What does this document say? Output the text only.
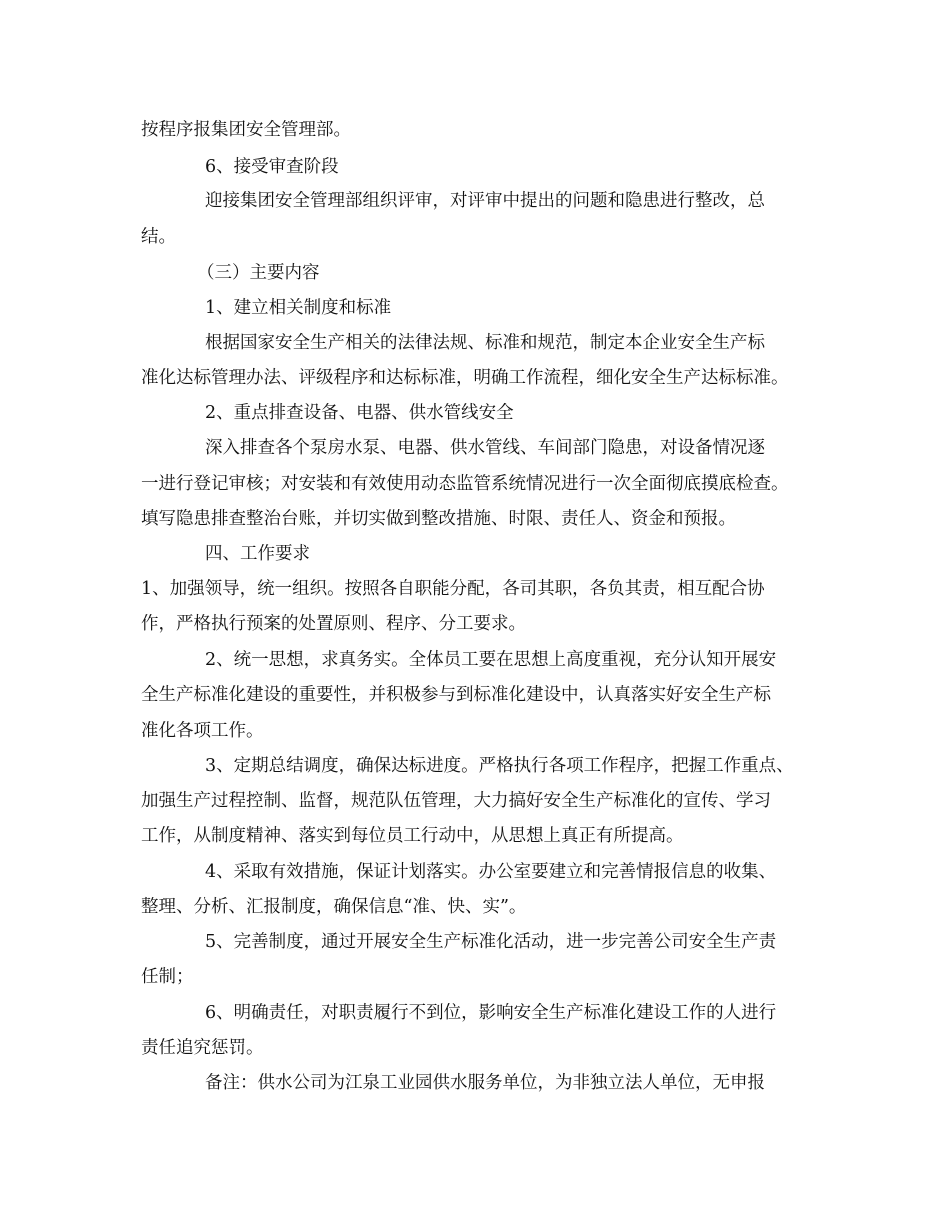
按程序报集团安全管理部。
6、接受审查阶段
迎接集团安全管理部组织评审，对评审中提出的问题和隐患进行整改，总
结。
（三）主要内容
1、建立相关制度和标准
根据国家安全生产相关的法律法规、标准和规范，制定本企业安全生产标
准化达标管理办法、评级程序和达标标准，明确工作流程，细化安全生产达标标准。
2、重点排查设备、电器、供水管线安全
深入排查各个泵房水泵、电器、供水管线、车间部门隐患，对设备情况逐
一进行登记审核；对安装和有效使用动态监管系统情况进行一次全面彻底摸底检查。
填写隐患排查整治台账，并切实做到整改措施、时限、责任人、资金和预报。
四、工作要求
1、加强领导，统一组织。按照各自职能分配，各司其职，各负其责，相互配合协
作，严格执行预案的处置原则、程序、分工要求。
2、统一思想，求真务实。全体员工要在思想上高度重视，充分认知开展安
全生产标准化建设的重要性，并积极参与到标准化建设中，认真落实好安全生产标
准化各项工作。
3、定期总结调度，确保达标进度。严格执行各项工作程序，把握工作重点、
加强生产过程控制、监督，规范队伍管理，大力搞好安全生产标准化的宣传、学习
工作，从制度精神、落实到每位员工行动中，从思想上真正有所提高。
4、采取有效措施，保证计划落实。办公室要建立和完善情报信息的收集、
整理、分析、汇报制度，确保信息“准、快、实”。
5、完善制度，通过开展安全生产标准化活动，进一步完善公司安全生产责
任制；
6、明确责任，对职责履行不到位，影响安全生产标准化建设工作的人进行
责任追究惩罚。
备注：供水公司为江泉工业园供水服务单位，为非独立法人单位，无申报
